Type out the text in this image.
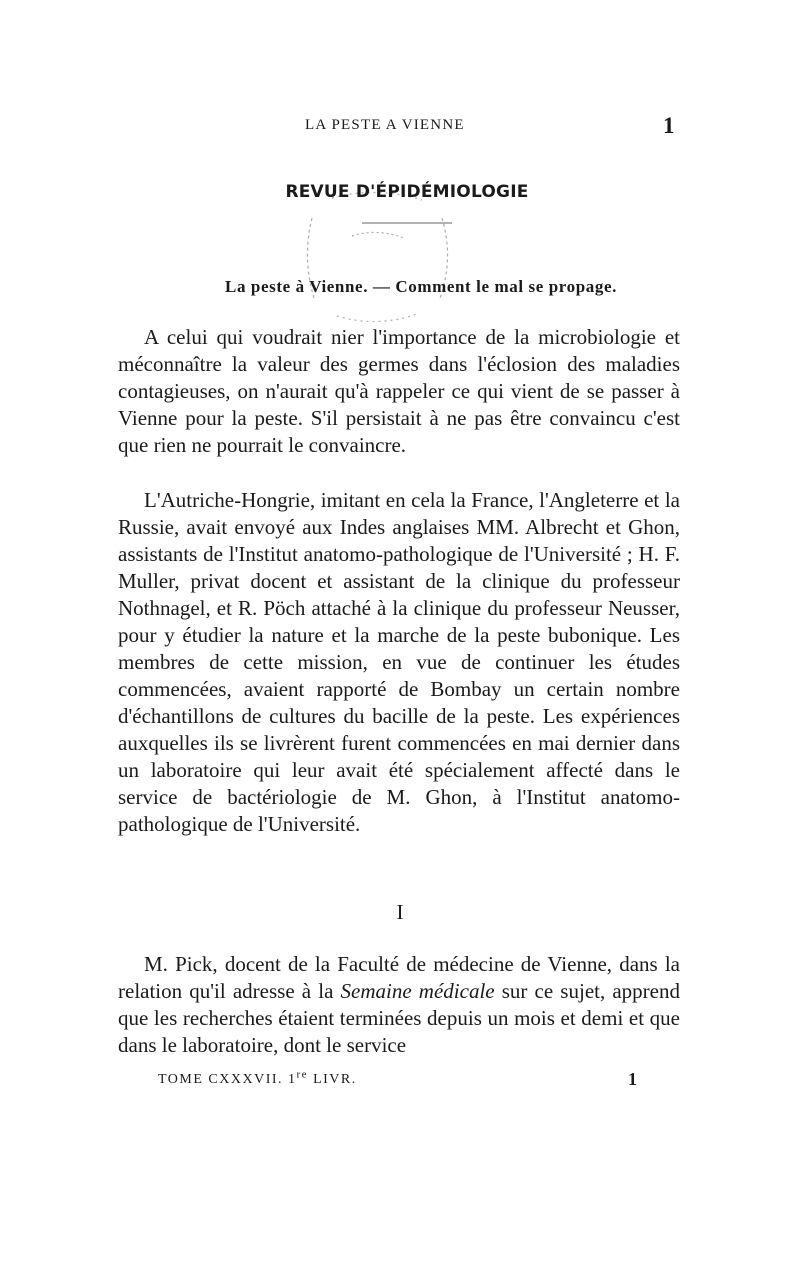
LA PESTE A VIENNE	1
REVUE D'ÉPIDÉMIOLOGIE
La peste à Vienne. — Comment le mal se propage.

A celui qui voudrait nier l'importance de la microbiologie et méconnaître la valeur des germes dans l'éclosion des maladies contagieuses, on n'aurait qu'à rappeler ce qui vient de se passer à Vienne pour la peste. S'il persistait à ne pas être convaincu c'est que rien ne pourrait le convaincre.

L'Autriche-Hongrie, imitant en cela la France, l'Angleterre et la Russie, avait envoyé aux Indes anglaises MM. Albrecht et Ghon, assistants de l'Institut anatomo-pathologique de l'Université ; H. F. Muller, privat docent et assistant de la clinique du professeur Nothnagel, et R. Pöch attaché à la clinique du professeur Neusser, pour y étudier la nature et la marche de la peste bubonique. Les membres de cette mission, en vue de continuer les études commencées, avaient rapporté de Bombay un certain nombre d'échantillons de cultures du bacille de la peste. Les expériences auxquelles ils se livrèrent furent commencées en mai dernier dans un laboratoire qui leur avait été spécialement affecté dans le service de bactériologie de M. Ghon, à l'Institut anatomo-pathologique de l'Université.

I

M. Pick, docent de la Faculté de médecine de Vienne, dans la relation qu'il adresse à la Semaine médicale sur ce sujet, apprend que les recherches étaient terminées depuis un mois et demi et que dans le laboratoire, dont le service

TOME CXXXVII. 1re LIVR.	1
